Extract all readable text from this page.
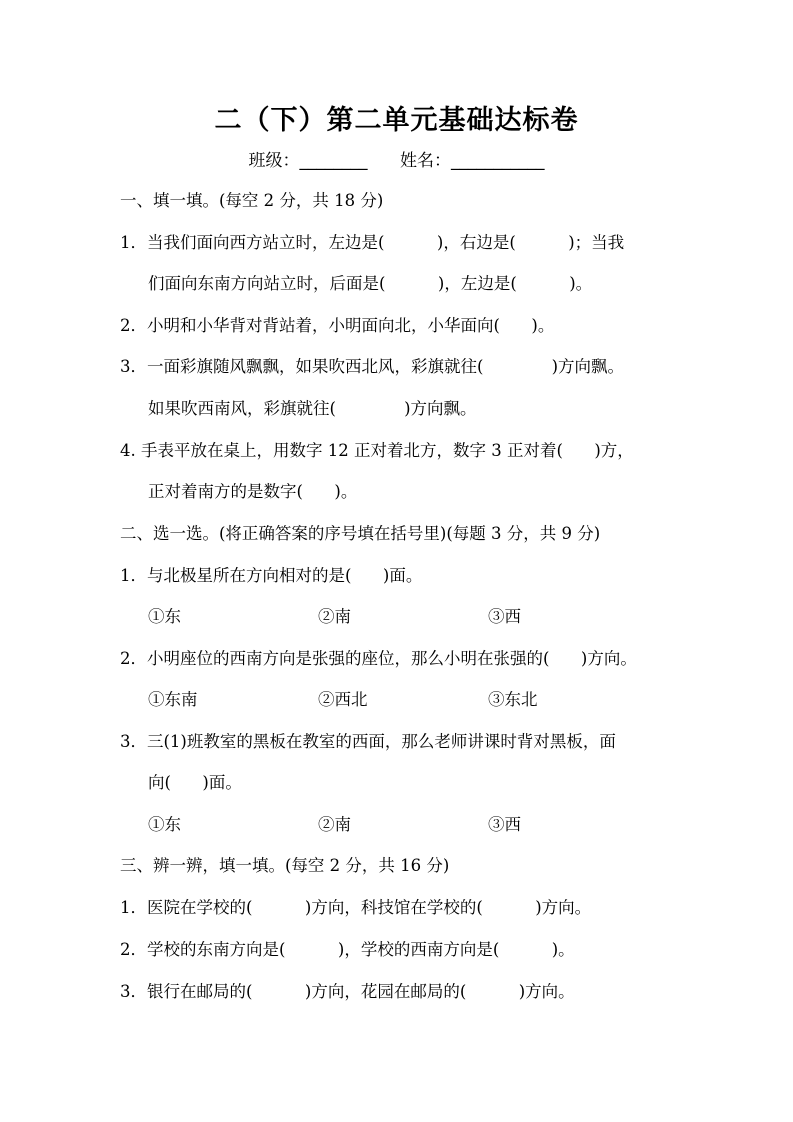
二（下）第二单元基础达标卷
班级：________ 姓名：___________
一、填一填。(每空 2 分，共 18 分)
1．当我们面向西方站立时，左边是(          )，右边是(          )；当我
们面向东南方向站立时，后面是(          )，左边是(          )。
2．小明和小华背对背站着，小明面向北，小华面向(      )。
3．一面彩旗随风飘飘，如果吹西北风，彩旗就往(             )方向飘。
如果吹西南风，彩旗就往(             )方向飘。
4. 手表平放在桌上，用数字 12 正对着北方，数字 3 正对着(      )方，
正对着南方的是数字(      )。
二、选一选。(将正确答案的序号填在括号里)(每题 3 分，共 9 分)
1．与北极星所在方向相对的是(      )面。
①东	②南	③西
2．小明座位的西南方向是张强的座位，那么小明在张强的(      )方向。
①东南	②西北	③东北
3．三(1)班教室的黑板在教室的西面，那么老师讲课时背对黑板，面
向(      )面。
①东	②南	③西
三、辨一辨，填一填。(每空 2 分，共 16 分)
1．医院在学校的(          )方向，科技馆在学校的(          )方向。
2．学校的东南方向是(          )，学校的西南方向是(          )。
3．银行在邮局的(          )方向，花园在邮局的(          )方向。
